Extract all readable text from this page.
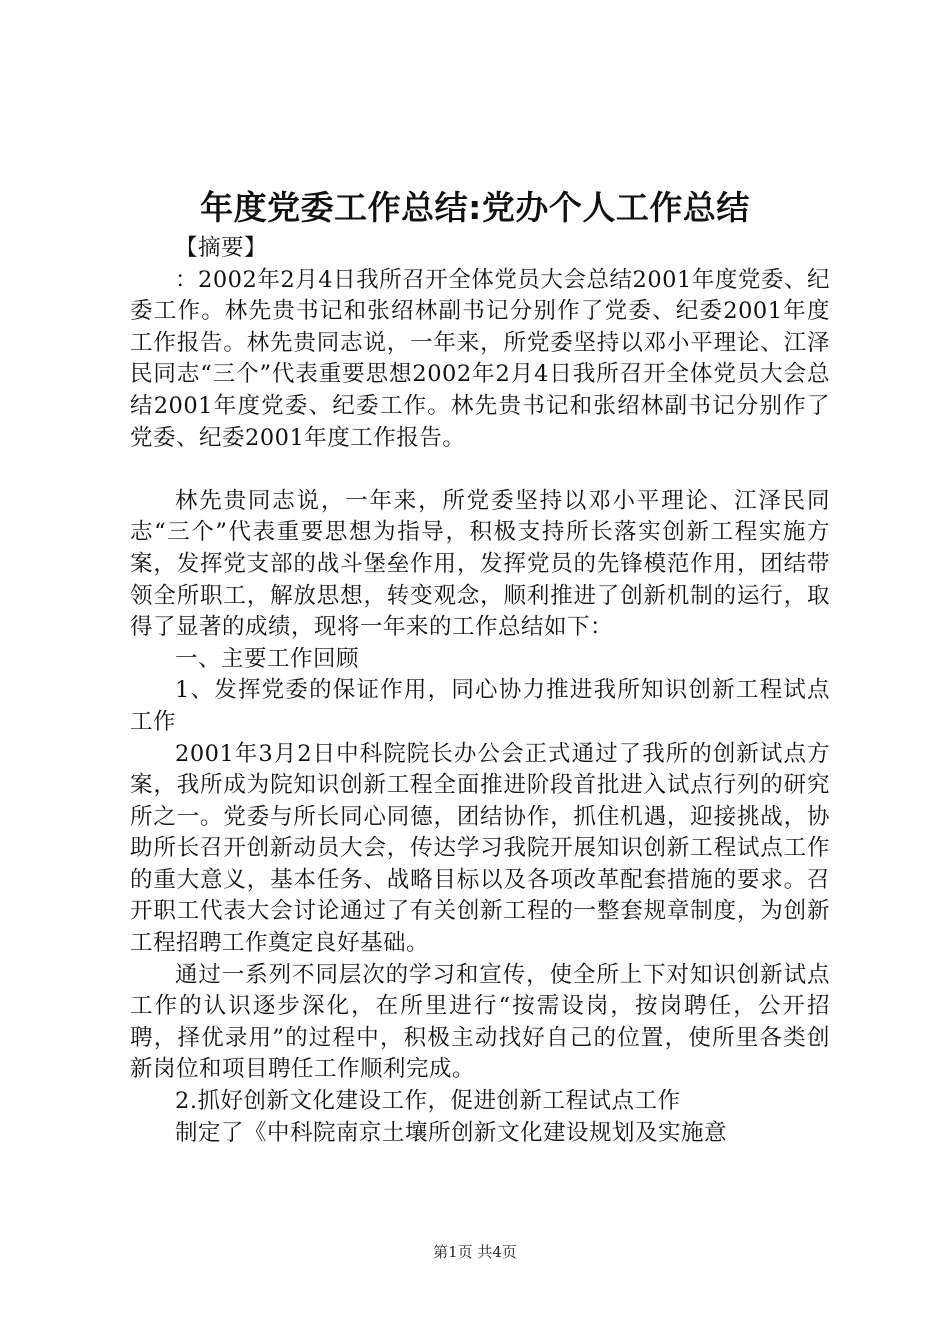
年度党委工作总结:党办个人工作总结

【摘要】

：2002年2月4日我所召开全体党员大会总结2001年度党委、纪委工作。林先贵书记和张绍林副书记分别作了党委、纪委2001年度工作报告。林先贵同志说，一年来，所党委坚持以邓小平理论、江泽民同志“三个”代表重要思想2002年2月4日我所召开全体党员大会总结2001年度党委、纪委工作。林先贵书记和张绍林副书记分别作了党委、纪委2001年度工作报告。

林先贵同志说，一年来，所党委坚持以邓小平理论、江泽民同志“三个”代表重要思想为指导，积极支持所长落实创新工程实施方案，发挥党支部的战斗堡垒作用，发挥党员的先锋模范作用，团结带领全所职工，解放思想，转变观念，顺利推进了创新机制的运行，取得了显著的成绩，现将一年来的工作总结如下：

一、主要工作回顾

1、发挥党委的保证作用，同心协力推进我所知识创新工程试点工作

2001年3月2日中科院院长办公会正式通过了我所的创新试点方案，我所成为院知识创新工程全面推进阶段首批进入试点行列的研究所之一。党委与所长同心同德，团结协作，抓住机遇，迎接挑战，协助所长召开创新动员大会，传达学习我院开展知识创新工程试点工作的重大意义，基本任务、战略目标以及各项改革配套措施的要求。召开职工代表大会讨论通过了有关创新工程的一整套规章制度，为创新工程招聘工作奠定良好基础。

通过一系列不同层次的学习和宣传，使全所上下对知识创新试点工作的认识逐步深化，在所里进行“按需设岗，按岗聘任，公开招聘，择优录用”的过程中，积极主动找好自己的位置，使所里各类创新岗位和项目聘任工作顺利完成。

2.抓好创新文化建设工作，促进创新工程试点工作

制定了《中科院南京土壤所创新文化建设规划及实施意

第1页 共4页
